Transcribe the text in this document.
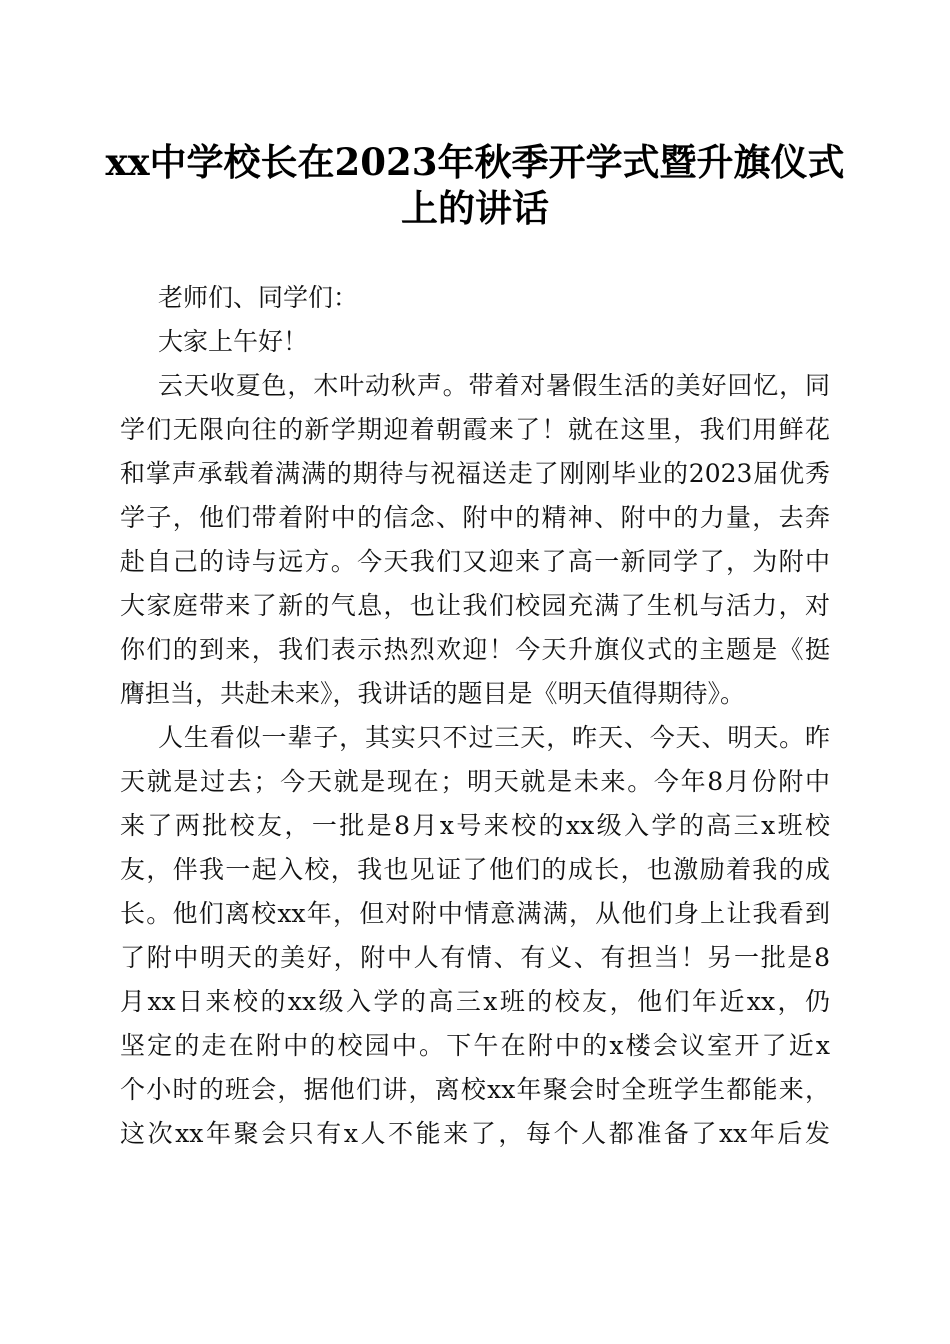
xx中学校长在2023年秋季开学式暨升旗仪式
上的讲话
老师们、同学们：
大家上午好！
云天收夏色，木叶动秋声。带着对暑假生活的美好回忆，同
学们无限向往的新学期迎着朝霞来了！就在这里，我们用鲜花
和掌声承载着满满的期待与祝福送走了刚刚毕业的2023届优秀
学子，他们带着附中的信念、附中的精神、附中的力量，去奔
赴自己的诗与远方。今天我们又迎来了高一新同学了，为附中
大家庭带来了新的气息，也让我们校园充满了生机与活力，对
你们的到来，我们表示热烈欢迎！今天升旗仪式的主题是《挺
膺担当，共赴未来》，我讲话的题目是《明天值得期待》。
人生看似一辈子，其实只不过三天，昨天、今天、明天。昨
天就是过去；今天就是现在；明天就是未来。今年8月份附中
来了两批校友，一批是8月x号来校的xx级入学的高三x班校
友，伴我一起入校，我也见证了他们的成长，也激励着我的成
长。他们离校xx年，但对附中情意满满，从他们身上让我看到
了附中明天的美好，附中人有情、有义、有担当！另一批是8
月xx日来校的xx级入学的高三x班的校友，他们年近xx，仍
坚定的走在附中的校园中。下午在附中的x楼会议室开了近x
个小时的班会，据他们讲，离校xx年聚会时全班学生都能来，
这次xx年聚会只有x人不能来了，每个人都准备了xx年后发
